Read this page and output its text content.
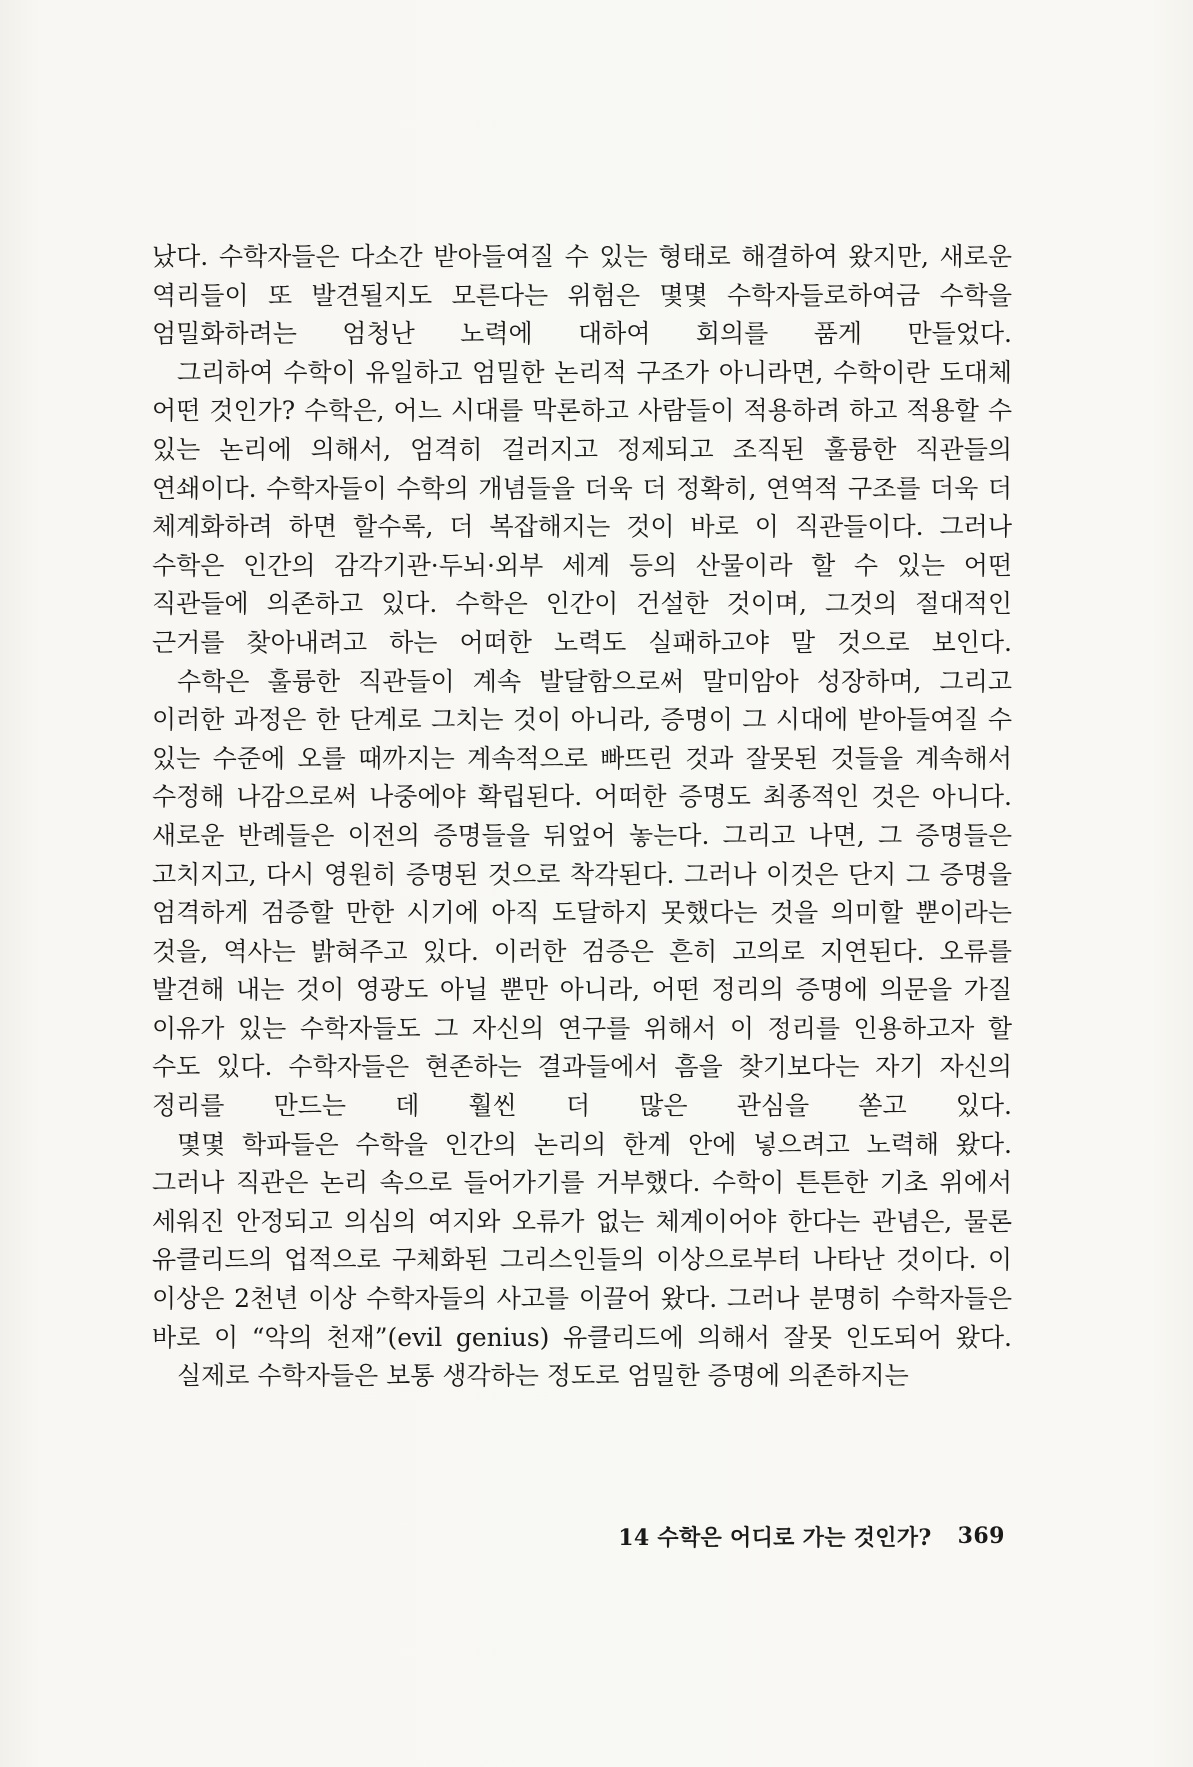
났다. 수학자들은 다소간 받아들여질 수 있는 형태로 해결하여 왔지만, 새로운 역리들이 또 발견될지도 모른다는 위험은 몇몇 수학자들로하여금 수학을 엄밀화하려는 엄청난 노력에 대하여 회의를 품게 만들었다.

그리하여 수학이 유일하고 엄밀한 논리적 구조가 아니라면, 수학이란 도대체 어떤 것인가? 수학은, 어느 시대를 막론하고 사람들이 적용하려 하고 적용할 수 있는 논리에 의해서, 엄격히 걸러지고 정제되고 조직된 훌륭한 직관들의 연쇄이다. 수학자들이 수학의 개념들을 더욱 더 정확히, 연역적 구조를 더욱 더 체계화하려 하면 할수록, 더 복잡해지는 것이 바로 이 직관들이다. 그러나 수학은 인간의 감각기관·두뇌·외부 세계 등의 산물이라 할 수 있는 어떤 직관들에 의존하고 있다. 수학은 인간이 건설한 것이며, 그것의 절대적인 근거를 찾아내려고 하는 어떠한 노력도 실패하고야 말 것으로 보인다.

수학은 훌륭한 직관들이 계속 발달함으로써 말미암아 성장하며, 그리고 이러한 과정은 한 단계로 그치는 것이 아니라, 증명이 그 시대에 받아들여질 수 있는 수준에 오를 때까지는 계속적으로 빠뜨린 것과 잘못된 것들을 계속해서 수정해 나감으로써 나중에야 확립된다. 어떠한 증명도 최종적인 것은 아니다. 새로운 반례들은 이전의 증명들을 뒤엎어 놓는다. 그리고 나면, 그 증명들은 고치지고, 다시 영원히 증명된 것으로 착각된다. 그러나 이것은 단지 그 증명을 엄격하게 검증할 만한 시기에 아직 도달하지 못했다는 것을 의미할 뿐이라는 것을, 역사는 밝혀주고 있다. 이러한 검증은 흔히 고의로 지연된다. 오류를 발견해 내는 것이 영광도 아닐 뿐만 아니라, 어떤 정리의 증명에 의문을 가질 이유가 있는 수학자들도 그 자신의 연구를 위해서 이 정리를 인용하고자 할 수도 있다. 수학자들은 현존하는 결과들에서 흠을 찾기보다는 자기 자신의 정리를 만드는 데 훨씬 더 많은 관심을 쏟고 있다.

몇몇 학파들은 수학을 인간의 논리의 한계 안에 넣으려고 노력해 왔다. 그러나 직관은 논리 속으로 들어가기를 거부했다. 수학이 튼튼한 기초 위에서 세워진 안정되고 의심의 여지와 오류가 없는 체계이어야 한다는 관념은, 물론 유클리드의 업적으로 구체화된 그리스인들의 이상으로부터 나타난 것이다. 이 이상은 2천년 이상 수학자들의 사고를 이끌어 왔다. 그러나 분명히 수학자들은 바로 이 “악의 천재”(evil genius) 유클리드에 의해서 잘못 인도되어 왔다.

실제로 수학자들은 보통 생각하는 정도로 엄밀한 증명에 의존하지는

14 수학은 어디로 가는 것인가? 369
